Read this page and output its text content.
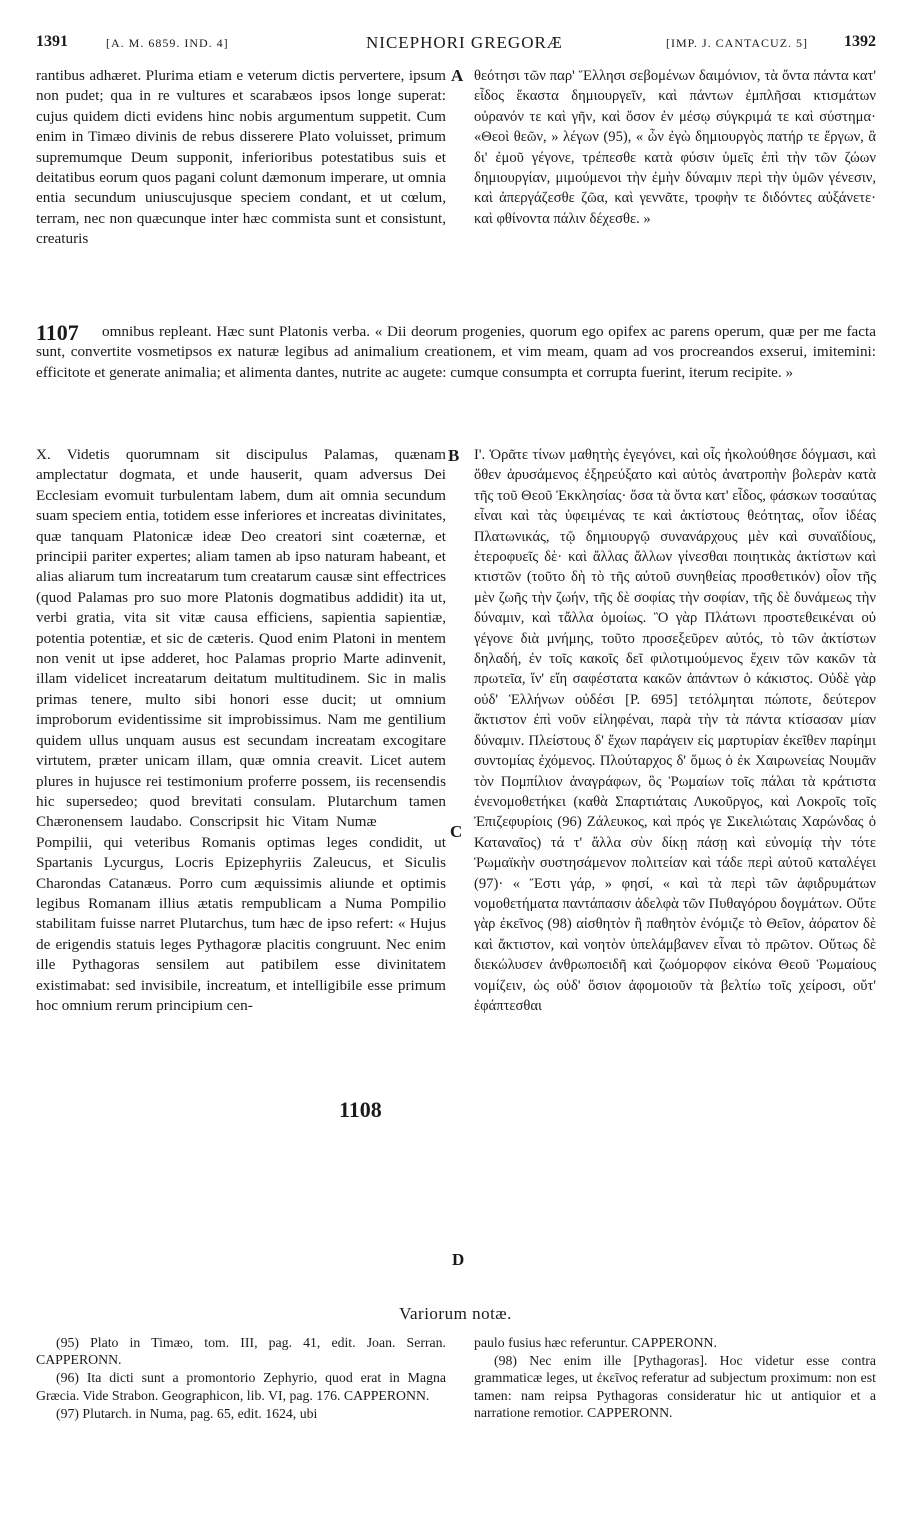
1391	[A. M. 6859. IND. 4]	NICEPHORI GREGORÆ	[IMP. J. CANTACUZ. 5] 1392
rantibus adhæret. Plurima etiam e veterum dictis pervertere, ipsum non pudet; qua in re vultures et scarabæos ipsos longe superat: cujus quidem dicti evidens hinc nobis argumentum suppetit. Cum enim in Timæo divinis de rebus disserere Plato voluisset, primum supremumque Deum supponit, inferioribus potestatibus suis et deitatibus eorum quos pagani colunt dæmonum imperare, ut omnia entia secundum uniuscujusque speciem condant, et ut cœlum, terram, nec non quæcunque inter hæc commista sunt et consistunt, creaturis
A θεότησι τῶν παρ' Ἕλλησι σεβομένων δαιμόνιον, τὰ ὄντα πάντα κατ' εἶδος ἕκαστα δημιουργεῖν, καὶ πάντων ἐμπλῆσαι κτισμάτων οὐρανόν τε καὶ γῆν, καὶ ὅσον ἐν μέσῳ σύγκριμά τε καὶ σύστημα· «Θεοὶ θεῶν, » λέγων (95), « ὧν ἐγὼ δημιουργὸς πατήρ τε ἔργων, ἃ δι' ἐμοῦ γέγονε, τρέπεσθε κατὰ φύσιν ὑμεῖς ἐπὶ τὴν τῶν ζώων δημιουργίαν, μιμούμενοι τὴν ἐμὴν δύναμιν περὶ τὴν ὑμῶν γένεσιν, καὶ ἀπεργάζεσθε ζῶα, καὶ γεννᾶτε, τροφὴν τε διδόντες αὐξάνετε· καὶ φθίνοντα πάλιν δέχεσθε. »
1107	omnibus repleant. Hæc sunt Platonis verba. « Dii deorum progenies, quorum ego opifex ac parens operum, quæ per me facta sunt, convertite vosmetipsos ex naturæ legibus ad animalium creationem, et vim meam, quam ad vos procreandos exserui, imitemini: efficitote et generate animalia; et alimenta dantes, nutrite ac augete: cumque consumpta et corrupta fuerint, iterum recipite. »
X. Videtis quorumnam sit discipulus Palamas, quænam amplectatur dogmata, et unde hauserit, quam adversus Dei Ecclesiam evomuit turbulentam labem, dum ait omnia secundum suam speciem entia, totidem esse inferiores et increatas divinitates, quæ tanquam Platonicæ ideæ Deo creatori sint coæternæ, et principii pariter expertes; aliam tamen ab ipso naturam habeant, et alias aliarum tum increatarum tum creatarum causæ sint effectrices (quod Palamas pro suo more Platonis dogmatibus addidit) ita ut, verbi gratia, vita sit vitæ causa efficiens, sapientia sapientiæ, potentia potentiæ, et sic de cæteris. Quod enim Platoni in mentem non venit ut ipse adderet, hoc Palamas proprio Marte adinvenit, illam videlicet increatarum deitatum multitudinem. Sic in malis primas tenere, multo sibi honori esse ducit; ut omnium improborum evidentissime sit improbissimus. Nam me gentilium quidem ullus unquam ausus est secundam increatam excogitare virtutem, præter unicam illam, quæ omnia creavit. Licet autem plures in hujusce rei testimonium proferre possem, iis recensendis hic supersedeo; quod brevitati consulam. Plutarchum tamen Chæronensem laudabo. Conscripsit hic Vitam Numæ  Pompilii, qui veteribus Romanis optimas leges condidit, ut Spartanis Lycurgus, Locris Epizephyriis Zaleucus, et Siculis Charondas Catanæus. Porro cum æquissimis aliunde et optimis legibus Romanam illius ætatis rempublicam a Numa Pompilio stabilitam fuisse narret Plutarchus, tum hæc de ipso refert: « Hujus de erigendis statuis leges Pythagoræ placitis congruunt. Nec enim ille Pythagoras sensilem aut patibilem esse divinitatem existimabat: sed invisibile, increatum, et intelligibile esse primum hoc omnium rerum principium cen-
1108
B
C
D
Ι'. Ὁρᾶτε τίνων μαθητὴς ἐγεγόνει, καὶ οἷς ἠκολούθησε δόγμασι, καὶ ὅθεν ἀρυσάμενος ἐξηρεύξατο καὶ αὐτὸς ἀνατροπὴν βολερὰν κατὰ τῆς τοῦ Θεοῦ Ἐκκλησίας· ὅσα τὰ ὄντα κατ' εἶδος, φάσκων τοσαύτας εἶναι καὶ τὰς ὑφειμένας τε καὶ ἀκτίστους θεότητας, οἷον ἰδέας Πλατωνικάς, τῷ δημιουργῷ συνανάρχους μὲν καὶ συναϊδίους, ἑτεροφυεῖς δὲ· καὶ ἄλλας ἄλλων γίνεσθαι ποιητικὰς ἀκτίστων καὶ κτιστῶν (τοῦτο δὴ τὸ τῆς αὐτοῦ συνηθείας προσθετικόν) οἷον τῆς μὲν ζωῆς τὴν ζωήν, τῆς δὲ σοφίας τὴν σοφίαν, τῆς δὲ δυνάμεως τὴν δύναμιν, καὶ τἄλλα ὁμοίως. Ὃ γὰρ Πλάτωνι προστεθεικέναι οὐ γέγονε διὰ μνήμης, τοῦτο προσεξεῦρεν αὐτός, τὸ τῶν ἀκτίστων δηλαδή, ἐν τοῖς κακοῖς δεῖ φιλοτιμούμενος ἔχειν τῶν κακῶν τὰ πρωτεῖα, ἵν' εἴη σαφέστατα κακῶν ἁπάντων ὁ κάκιστος. Οὐδὲ γὰρ οὐδ' Ἑλλήνων οὐδέσι [P. 695] τετόλμηται πώποτε, δεύτερον ἄκτιστον ἐπὶ νοῦν εἰληφέναι, παρὰ τὴν τὰ πάντα κτίσασαν μίαν δύναμιν. Πλείστους δ' ἔχων παράγειν εἰς μαρτυρίαν ἐκεῖθεν παρίημι συντομίας ἐχόμενος. Πλούταρχος δ' ὅμως ὁ ἐκ Χαιρωνείας Νουμᾶν τὸν Πομπίλιον ἀναγράφων, ὃς Ῥωμαίων τοῖς πάλαι τὰ κράτιστα ἐνενομοθετήκει (καθὰ Σπαρτιάταις Λυκοῦργος, καὶ Λοκροῖς τοῖς Ἐπιζεφυρίοις (96) Ζάλευκος, καὶ πρός γε Σικελιώταις Χαρώνδας ὁ Καταναῖος) τά τ' ἄλλα σὺν δίκῃ πάσῃ καὶ εὐνομίᾳ τὴν τότε Ῥωμαϊκὴν συστησάμενον πολιτείαν καὶ τάδε περὶ αὐτοῦ καταλέγει (97)· « Ἔστι γάρ, » φησί, « καὶ τὰ περὶ τῶν ἀφιδρυμάτων νομοθετήματα παντάπασιν ἀδελφὰ τῶν Πυθαγόρου δογμάτων. Οὔτε γὰρ ἐκεῖνος (98) αἰσθητὸν ἢ παθητὸν ἐνόμιζε τὸ Θεῖον, ἀόρατον δὲ καὶ ἄκτιστον, καὶ νοητὸν ὑπελάμβανεν εἶναι τὸ πρῶτον. Οὕτως δὲ διεκώλυσεν ἀνθρωποειδῆ καὶ ζωόμορφον εἰκόνα Θεοῦ Ῥωμαίους νομίζειν, ὡς οὐδ' ὅσιον ἀφομοιοῦν τὰ βελτίω τοῖς χείροσι, οὔτ' ἐφάπτεσθαι
Variorum notæ.

(95) Plato in Timæo, tom. III, pag. 41, edit. Joan. Serran. CAPPERONN.

(96) Ita dicti sunt a promontorio Zephyrio, quod erat in Magna Græcia. Vide Strabon. Geographicon, lib. VI, pag. 176. CAPPERONN.

(97) Plutarch. in Numa, pag. 65, edit. 1624, ubi

paulo fusius hæc referuntur. CAPPERONN.

(98) Nec enim ille [Pythagoras]. Hoc videtur esse contra grammaticæ leges, ut ἐκεῖνος referatur ad subjectum proximum: non est tamen: nam reipsa Pythagoras consideratur hic ut antiquior et a narratione remotior. CAPPERONN.
